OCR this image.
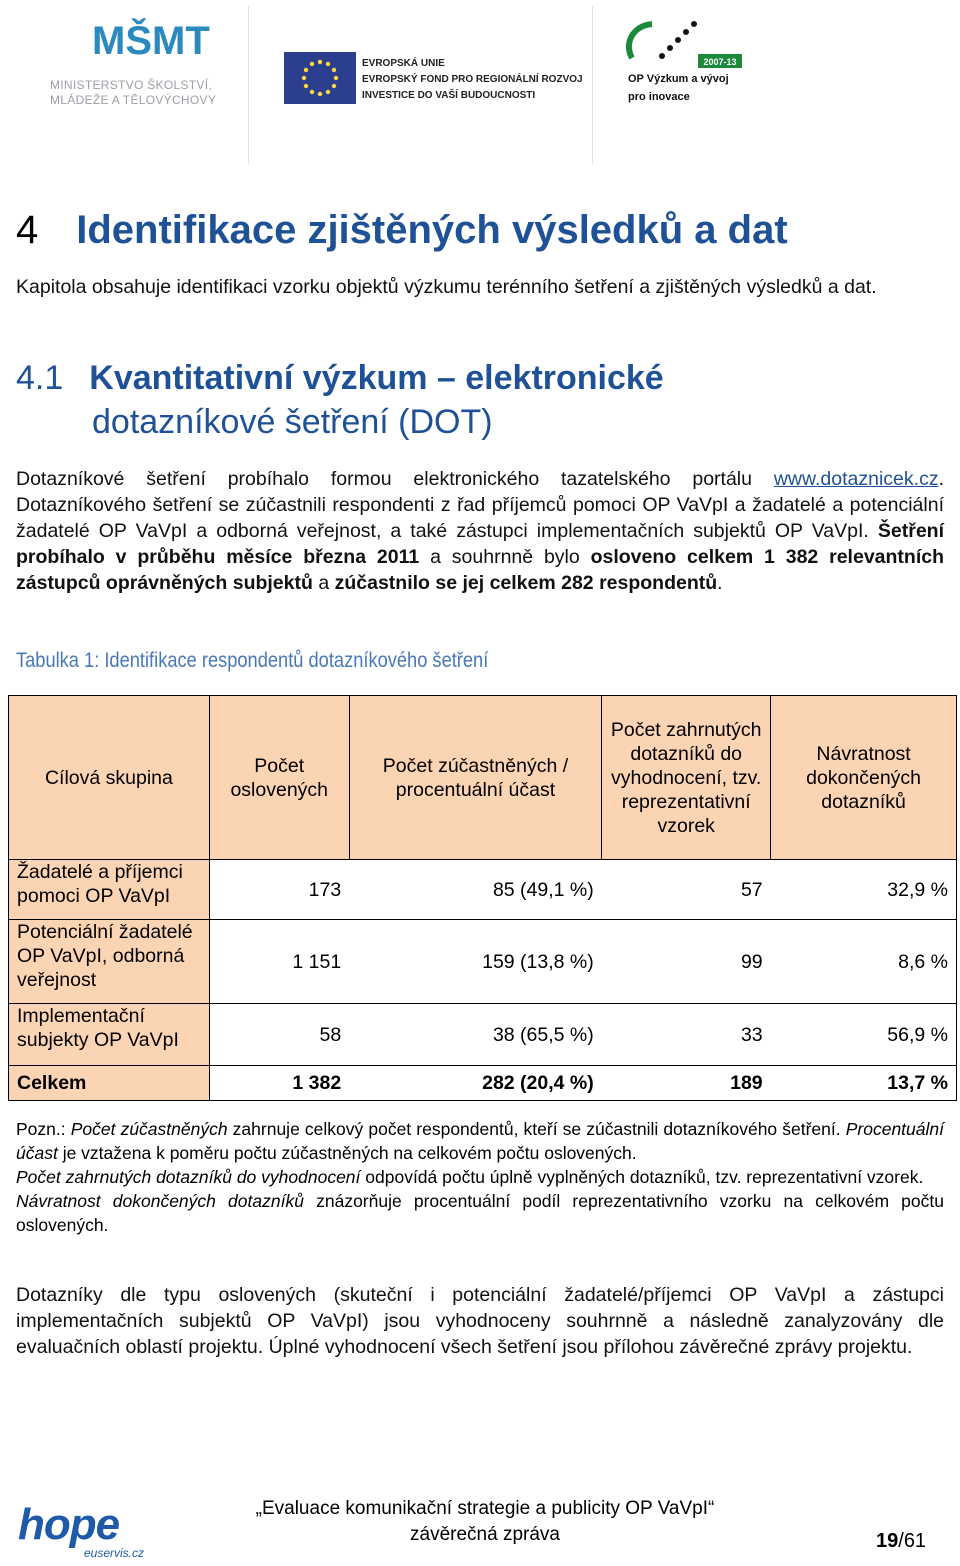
MŠMT
MINISTERSTVO ŠKOLSTVÍ,
MLÁDEŽE A TĚLOVÝCHOVY
EVROPSKÁ UNIE
EVROPSKÝ FOND PRO REGIONÁLNÍ ROZVOJ
INVESTICE DO VAŠÍ BUDOUCNOSTI
2007-13
OP Výzkum a vývoj
pro inovace
4 Identifikace zjištěných výsledků a dat
Kapitola obsahuje identifikaci vzorku objektů výzkumu terénního šetření a zjištěných výsledků a dat.
4.1 Kvantitativní výzkum – elektronické
dotazníkové šetření (DOT)
Dotazníkové šetření probíhalo formou elektronického tazatelského portálu www.dotaznicek.cz. Dotazníkového šetření se zúčastnili respondenti z řad příjemců pomoci OP VaVpI a žadatelé a potenciální žadatelé OP VaVpI a odborná veřejnost, a také zástupci implementačních subjektů OP VaVpI. Šetření probíhalo v průběhu měsíce března 2011 a souhrnně bylo osloveno celkem 1 382 relevantních zástupců oprávněných subjektů a zúčastnilo se jej celkem 282 respondentů.
Tabulka 1: Identifikace respondentů dotazníkového šetření
Cílová skupina	Počet oslovených	Počet zúčastněných / procentuální účast	Počet zahrnutých dotazníků do vyhodnocení, tzv. reprezentativní vzorek	Návratnost dokončených dotazníků
Žadatelé a příjemci pomoci OP VaVpI	173	85 (49,1 %)	57	32,9 %
Potenciální žadatelé OP VaVpI, odborná veřejnost	1 151	159 (13,8 %)	99	8,6 %
Implementační subjekty OP VaVpI	58	38 (65,5 %)	33	56,9 %
Celkem	1 382	282 (20,4 %)	189	13,7 %

Pozn.: Počet zúčastněných zahrnuje celkový počet respondentů, kteří se zúčastnili dotazníkového šetření. Procentuální účast je vztažena k poměru počtu zúčastněných na celkovém počtu oslovených.

Počet zahrnutých dotazníků do vyhodnocení odpovídá počtu úplně vyplněných dotazníků, tzv. reprezentativní vzorek.

Návratnost dokončených dotazníků znázorňuje procentuální podíl reprezentativního vzorku na celkovém počtu oslovených.

Dotazníky dle typu oslovených (skuteční i potenciální žadatelé/příjemci OP VaVpI a zástupci implementačních subjektů OP VaVpI) jsou vyhodnoceny souhrnně a následně zanalyzovány dle evaluačních oblastí projektu. Úplné vyhodnocení všech šetření jsou přílohou závěrečné zprávy projektu.
hope
euservis.cz
„Evaluace komunikační strategie a publicity OP VaVpI“
závěrečná zpráva	19/61
